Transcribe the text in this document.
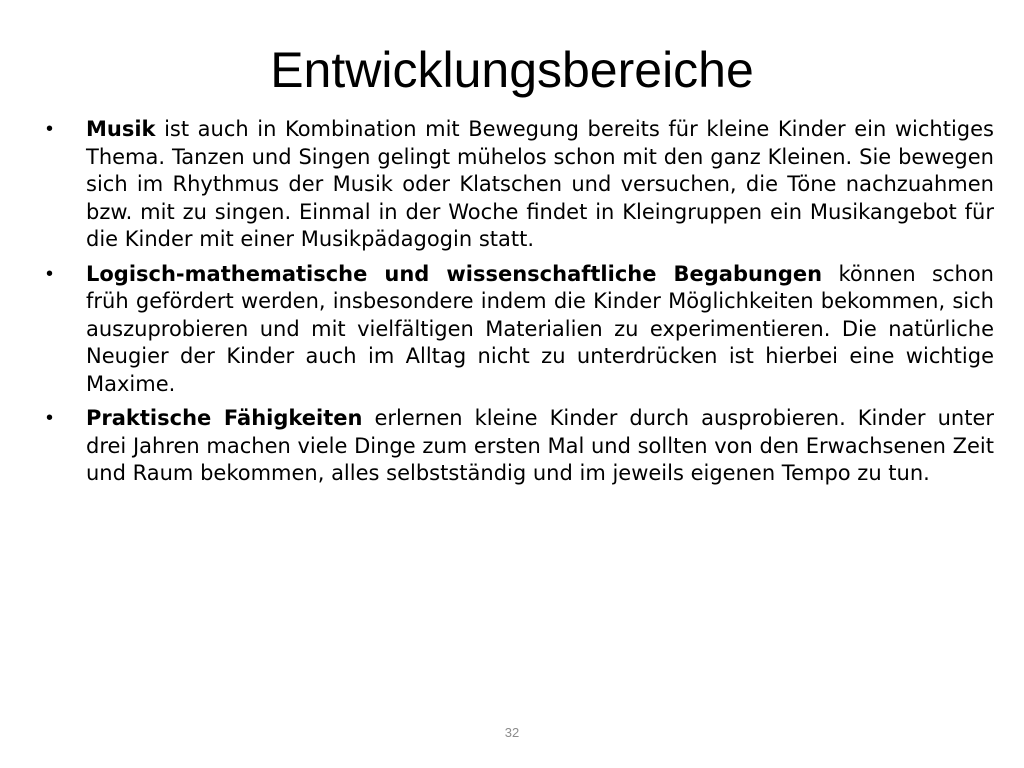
Entwicklungsbereiche
• Musik ist auch in Kombination mit Bewegung bereits für kleine Kinder ein wichtiges Thema. Tanzen und Singen gelingt mühelos schon mit den ganz Kleinen. Sie bewegen sich im Rhythmus der Musik oder Klatschen und versuchen, die Töne nachzuahmen bzw. mit zu singen. Einmal in der Woche findet in Kleingruppen ein Musikangebot für die Kinder mit einer Musikpädagogin statt.
• Logisch-mathematische und wissenschaftliche Begabungen können schon früh gefördert werden, insbesondere indem die Kinder Möglichkeiten bekommen, sich auszuprobieren und mit vielfältigen Materialien zu experimentieren. Die natürliche Neugier der Kinder auch im Alltag nicht zu unterdrücken ist hierbei eine wichtige Maxime.
• Praktische Fähigkeiten erlernen kleine Kinder durch ausprobieren. Kinder unter drei Jahren machen viele Dinge zum ersten Mal und sollten von den Erwachsenen Zeit und Raum bekommen, alles selbstständig und im jeweils eigenen Tempo zu tun.
32
